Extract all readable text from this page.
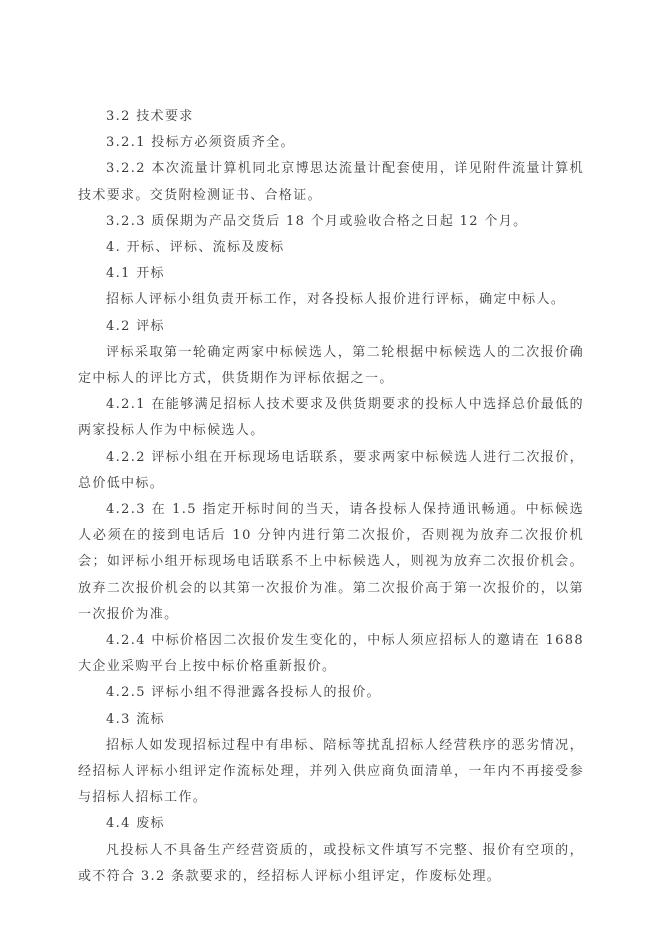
3.2 技术要求

3.2.1 投标方必须资质齐全。

3.2.2 本次流量计算机同北京博思达流量计配套使用，详见附件流量计算机技术要求。交货附检测证书、合格证。

3.2.3 质保期为产品交货后 18 个月或验收合格之日起 12 个月。

4. 开标、评标、流标及废标

4.1 开标

招标人评标小组负责开标工作，对各投标人报价进行评标，确定中标人。

4.2 评标

评标采取第一轮确定两家中标候选人，第二轮根据中标候选人的二次报价确定中标人的评比方式，供货期作为评标依据之一。

4.2.1 在能够满足招标人技术要求及供货期要求的投标人中选择总价最低的两家投标人作为中标候选人。

4.2.2 评标小组在开标现场电话联系，要求两家中标候选人进行二次报价，总价低中标。

4.2.3 在 1.5 指定开标时间的当天，请各投标人保持通讯畅通。中标候选人必须在的接到电话后 10 分钟内进行第二次报价，否则视为放弃二次报价机会；如评标小组开标现场电话联系不上中标候选人，则视为放弃二次报价机会。放弃二次报价机会的以其第一次报价为准。第二次报价高于第一次报价的，以第一次报价为准。

4.2.4 中标价格因二次报价发生变化的，中标人须应招标人的邀请在 1688 大企业采购平台上按中标价格重新报价。

4.2.5 评标小组不得泄露各投标人的报价。

4.3 流标

招标人如发现招标过程中有串标、陪标等扰乱招标人经营秩序的恶劣情况，经招标人评标小组评定作流标处理，并列入供应商负面清单，一年内不再接受参与招标人招标工作。

4.4 废标

凡投标人不具备生产经营资质的，或投标文件填写不完整、报价有空项的，或不符合 3.2 条款要求的，经招标人评标小组评定，作废标处理。
